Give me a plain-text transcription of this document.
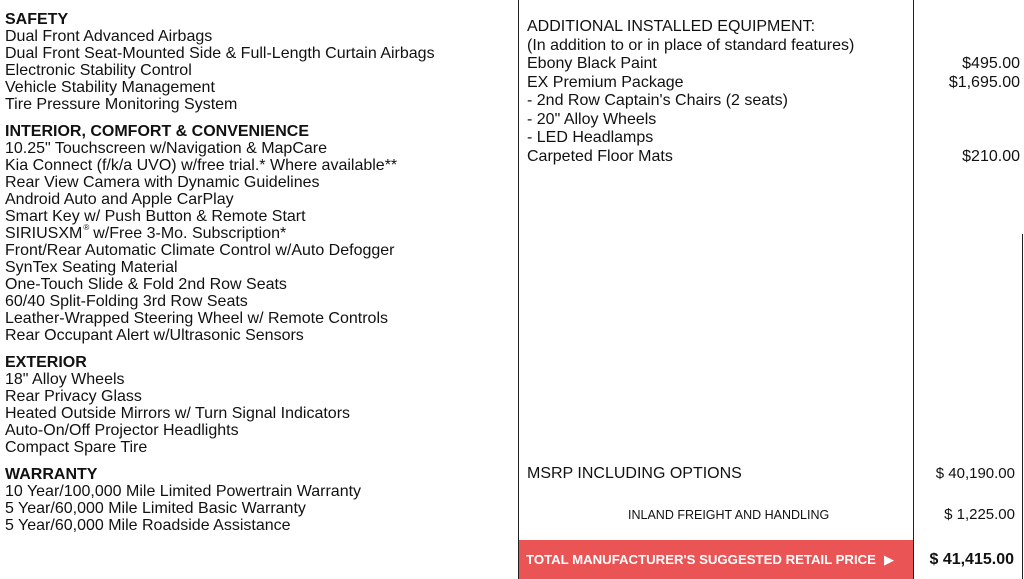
SAFETY
Dual Front Advanced Airbags
Dual Front Seat-Mounted Side & Full-Length Curtain Airbags
Electronic Stability Control
Vehicle Stability Management
Tire Pressure Monitoring System
INTERIOR, COMFORT & CONVENIENCE
10.25" Touchscreen w/Navigation & MapCare
Kia Connect (f/k/a UVO) w/free trial.* Where available**
Rear View Camera with Dynamic Guidelines
Android Auto and Apple CarPlay
Smart Key w/ Push Button & Remote Start
SIRIUSXM® w/Free 3-Mo. Subscription*
Front/Rear Automatic Climate Control w/Auto Defogger
SynTex Seating Material
One-Touch Slide & Fold 2nd Row Seats
60/40 Split-Folding 3rd Row Seats
Leather-Wrapped Steering Wheel w/ Remote Controls
Rear Occupant Alert w/Ultrasonic Sensors
EXTERIOR
18" Alloy Wheels
Rear Privacy Glass
Heated Outside Mirrors w/ Turn Signal Indicators
Auto-On/Off Projector Headlights
Compact Spare Tire
WARRANTY
10 Year/100,000 Mile Limited Powertrain Warranty
5 Year/60,000 Mile Limited Basic Warranty
5 Year/60,000 Mile Roadside Assistance
ADDITIONAL INSTALLED EQUIPMENT:
(In addition to or in place of standard features)
Ebony Black Paint	$495.00
EX Premium Package	$1,695.00
- 2nd Row Captain's Chairs (2 seats)
- 20" Alloy Wheels
- LED Headlamps
Carpeted Floor Mats	$210.00
MSRP INCLUDING OPTIONS	$ 40,190.00
INLAND FREIGHT AND HANDLING	$ 1,225.00
TOTAL MANUFACTURER'S SUGGESTED RETAIL PRICE ▶ $ 41,415.00
